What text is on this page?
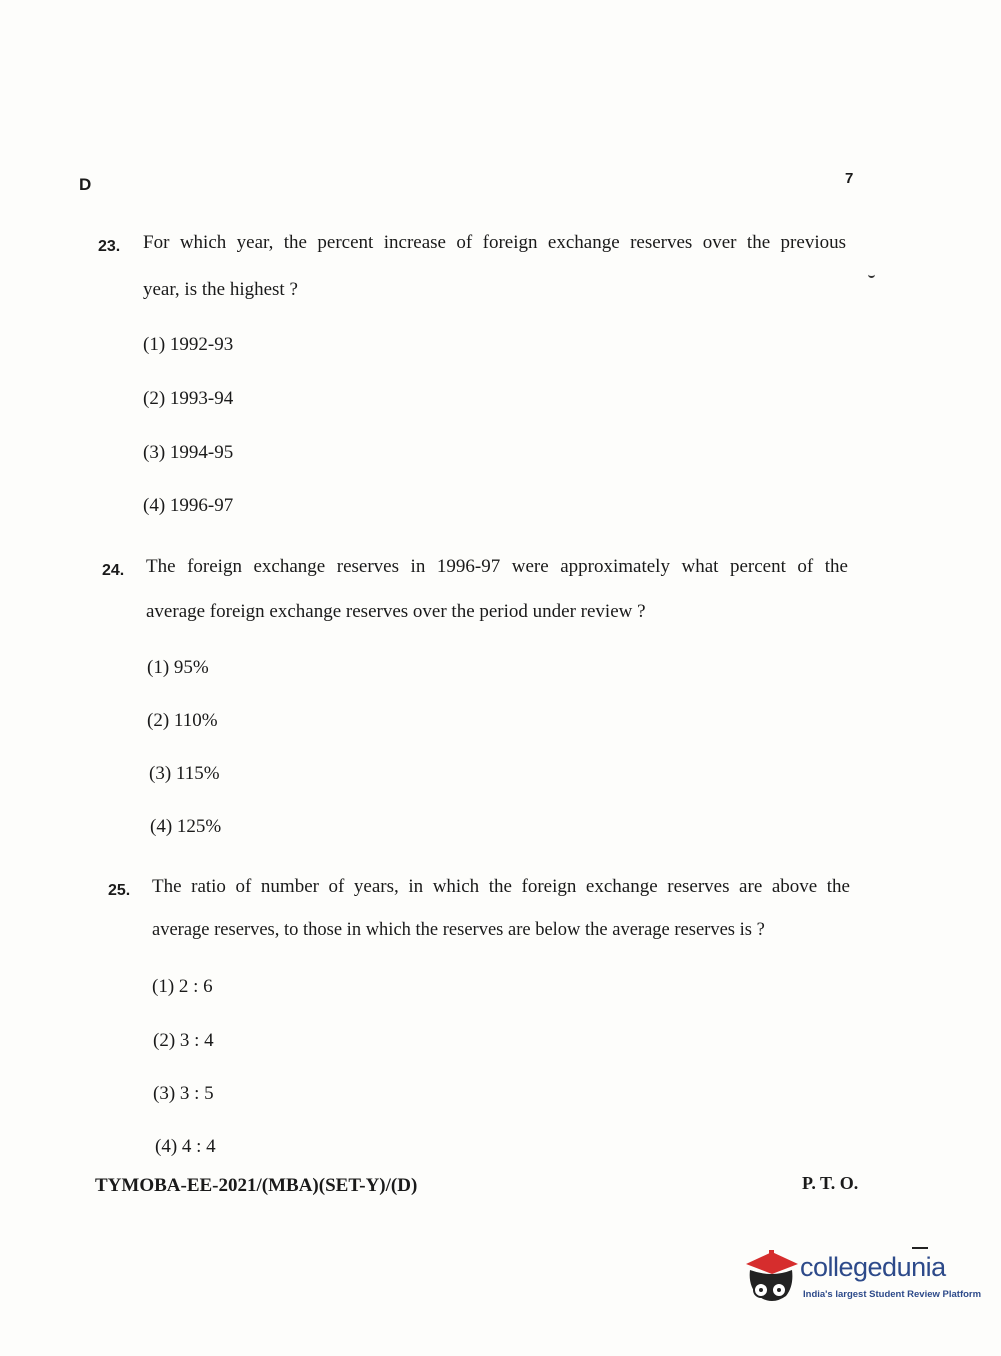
D	7
23. For which year, the percent increase of foreign exchange reserves over the previous
year, is the highest ?
(1) 1992-93
(2) 1993-94
(3) 1994-95
(4) 1996-97
24. The foreign exchange reserves in 1996-97 were approximately what percent of the
average foreign exchange reserves over the period under review ?
(1) 95%
(2) 110%
(3) 115%
(4) 125%
25. The ratio of number of years, in which the foreign exchange reserves are above the
average reserves, to those in which the reserves are below the average reserves is ?
(1) 2 : 6
(2) 3 : 4
(3) 3 : 5
(4) 4 : 4
TYMOBA-EE-2021/(MBA)(SET-Y)/(D)	P. T. O.
collegedunia
India's largest Student Review Platform
